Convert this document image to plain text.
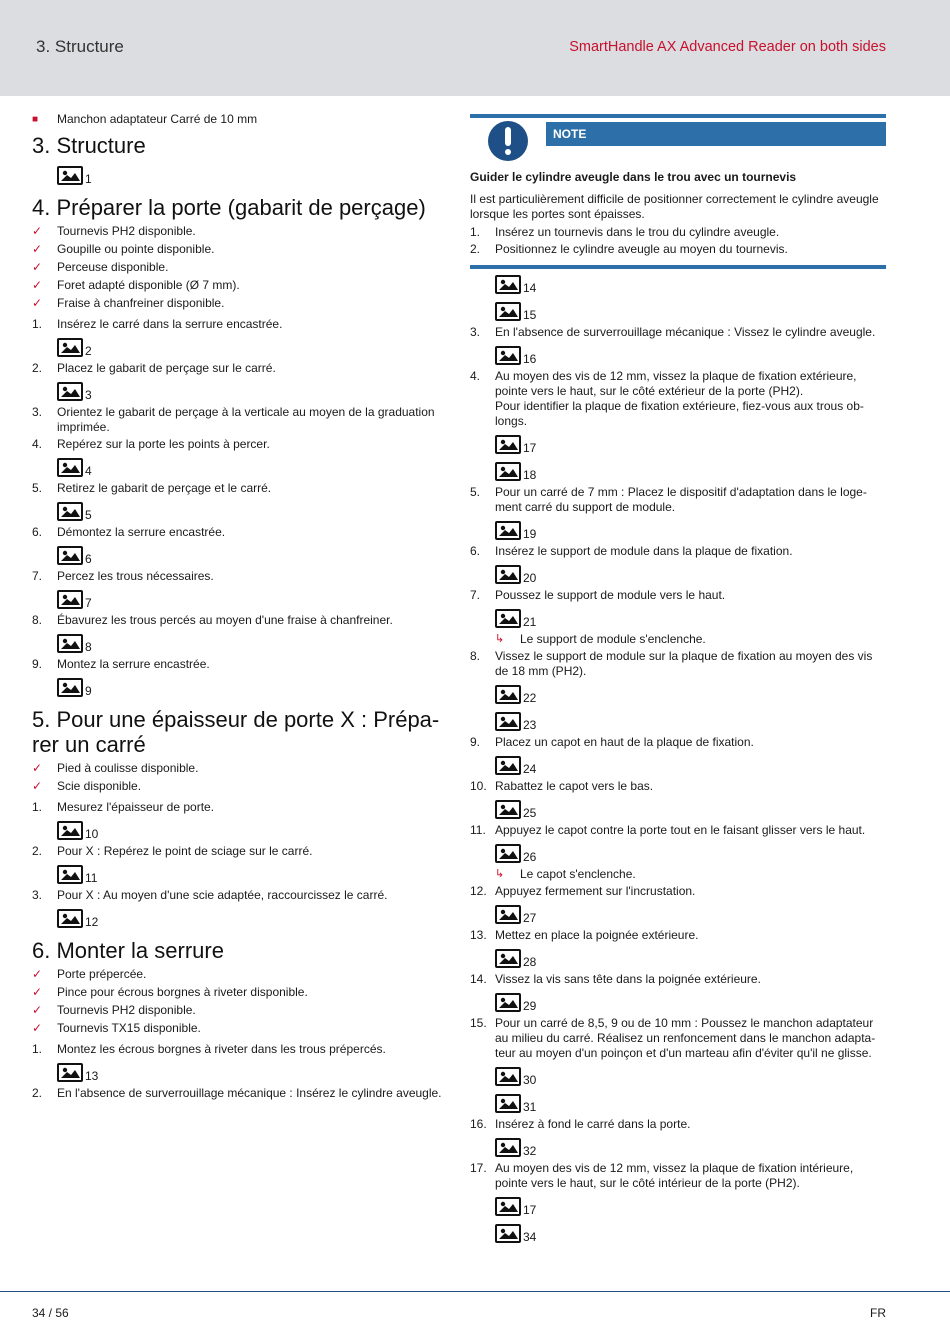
3. Structure	SmartHandle AX Advanced Reader on both sides
■	Manchon adaptateur Carré de 10 mm
3. Structure
1
4. Préparer la porte (gabarit de perçage)
✓	Tournevis PH2 disponible.
✓	Goupille ou pointe disponible.
✓	Perceuse disponible.
✓	Foret adapté disponible (Ø 7 mm).
✓	Fraise à chanfreiner disponible.
1.	Insérez le carré dans la serrure encastrée.
2
2.	Placez le gabarit de perçage sur le carré.
3
3.	Orientez le gabarit de perçage à la verticale au moyen de la graduation imprimée.
4.	Repérez sur la porte les points à percer.
4
5.	Retirez le gabarit de perçage et le carré.
5
6.	Démontez la serrure encastrée.
6
7.	Percez les trous nécessaires.
7
8.	Ébavurez les trous percés au moyen d'une fraise à chanfreiner.
8
9.	Montez la serrure encastrée.
9
5. Pour une épaisseur de porte X : Prépa-rer un carré
✓	Pied à coulisse disponible.
✓	Scie disponible.
1.	Mesurez l'épaisseur de porte.
10
2.	Pour X : Repérez le point de sciage sur le carré.
11
3.	Pour X : Au moyen d'une scie adaptée, raccourcissez le carré.
12
6. Monter la serrure
✓	Porte prépercée.
✓	Pince pour écrous borgnes à riveter disponible.
✓	Tournevis PH2 disponible.
✓	Tournevis TX15 disponible.
1.	Montez les écrous borgnes à riveter dans les trous prépercés.
13
2.	En l'absence de surverrouillage mécanique : Insérez le cylindre aveugle.
NOTE
Guider le cylindre aveugle dans le trou avec un tournevis
Il est particulièrement difficile de positionner correctement le cylindre aveugle lorsque les portes sont épaisses.
1.	Insérez un tournevis dans le trou du cylindre aveugle.
2.	Positionnez le cylindre aveugle au moyen du tournevis.
14
15
3.	En l'absence de surverrouillage mécanique : Vissez le cylindre aveugle.
16
4.	Au moyen des vis de 12 mm, vissez la plaque de fixation extérieure, pointe vers le haut, sur le côté extérieur de la porte (PH2).
Pour identifier la plaque de fixation extérieure, fiez-vous aux trous ob-longs.
17
18
5.	Pour un carré de 7 mm : Placez le dispositif d'adaptation dans le loge-ment carré du support de module.
19
6.	Insérez le support de module dans la plaque de fixation.
20
7.	Poussez le support de module vers le haut.
21
↳	Le support de module s'enclenche.
8.	Vissez le support de module sur la plaque de fixation au moyen des vis de 18 mm (PH2).
22
23
9.	Placez un capot en haut de la plaque de fixation.
24
10. Rabattez le capot vers le bas.
25
11. Appuyez le capot contre la porte tout en le faisant glisser vers le haut.
26
↳	Le capot s'enclenche.
12. Appuyez fermement sur l'incrustation.
27
13. Mettez en place la poignée extérieure.
28
14. Vissez la vis sans tête dans la poignée extérieure.
29
15. Pour un carré de 8,5, 9 ou de 10 mm : Poussez le manchon adaptateur au milieu du carré. Réalisez un renfoncement dans le manchon adapta-teur au moyen d'un poinçon et d'un marteau afin d'éviter qu'il ne glisse.
30
31
16. Insérez à fond le carré dans la porte.
32
17. Au moyen des vis de 12 mm, vissez la plaque de fixation intérieure, pointe vers le haut, sur le côté intérieur de la porte (PH2).
17
34
34 / 56	FR
